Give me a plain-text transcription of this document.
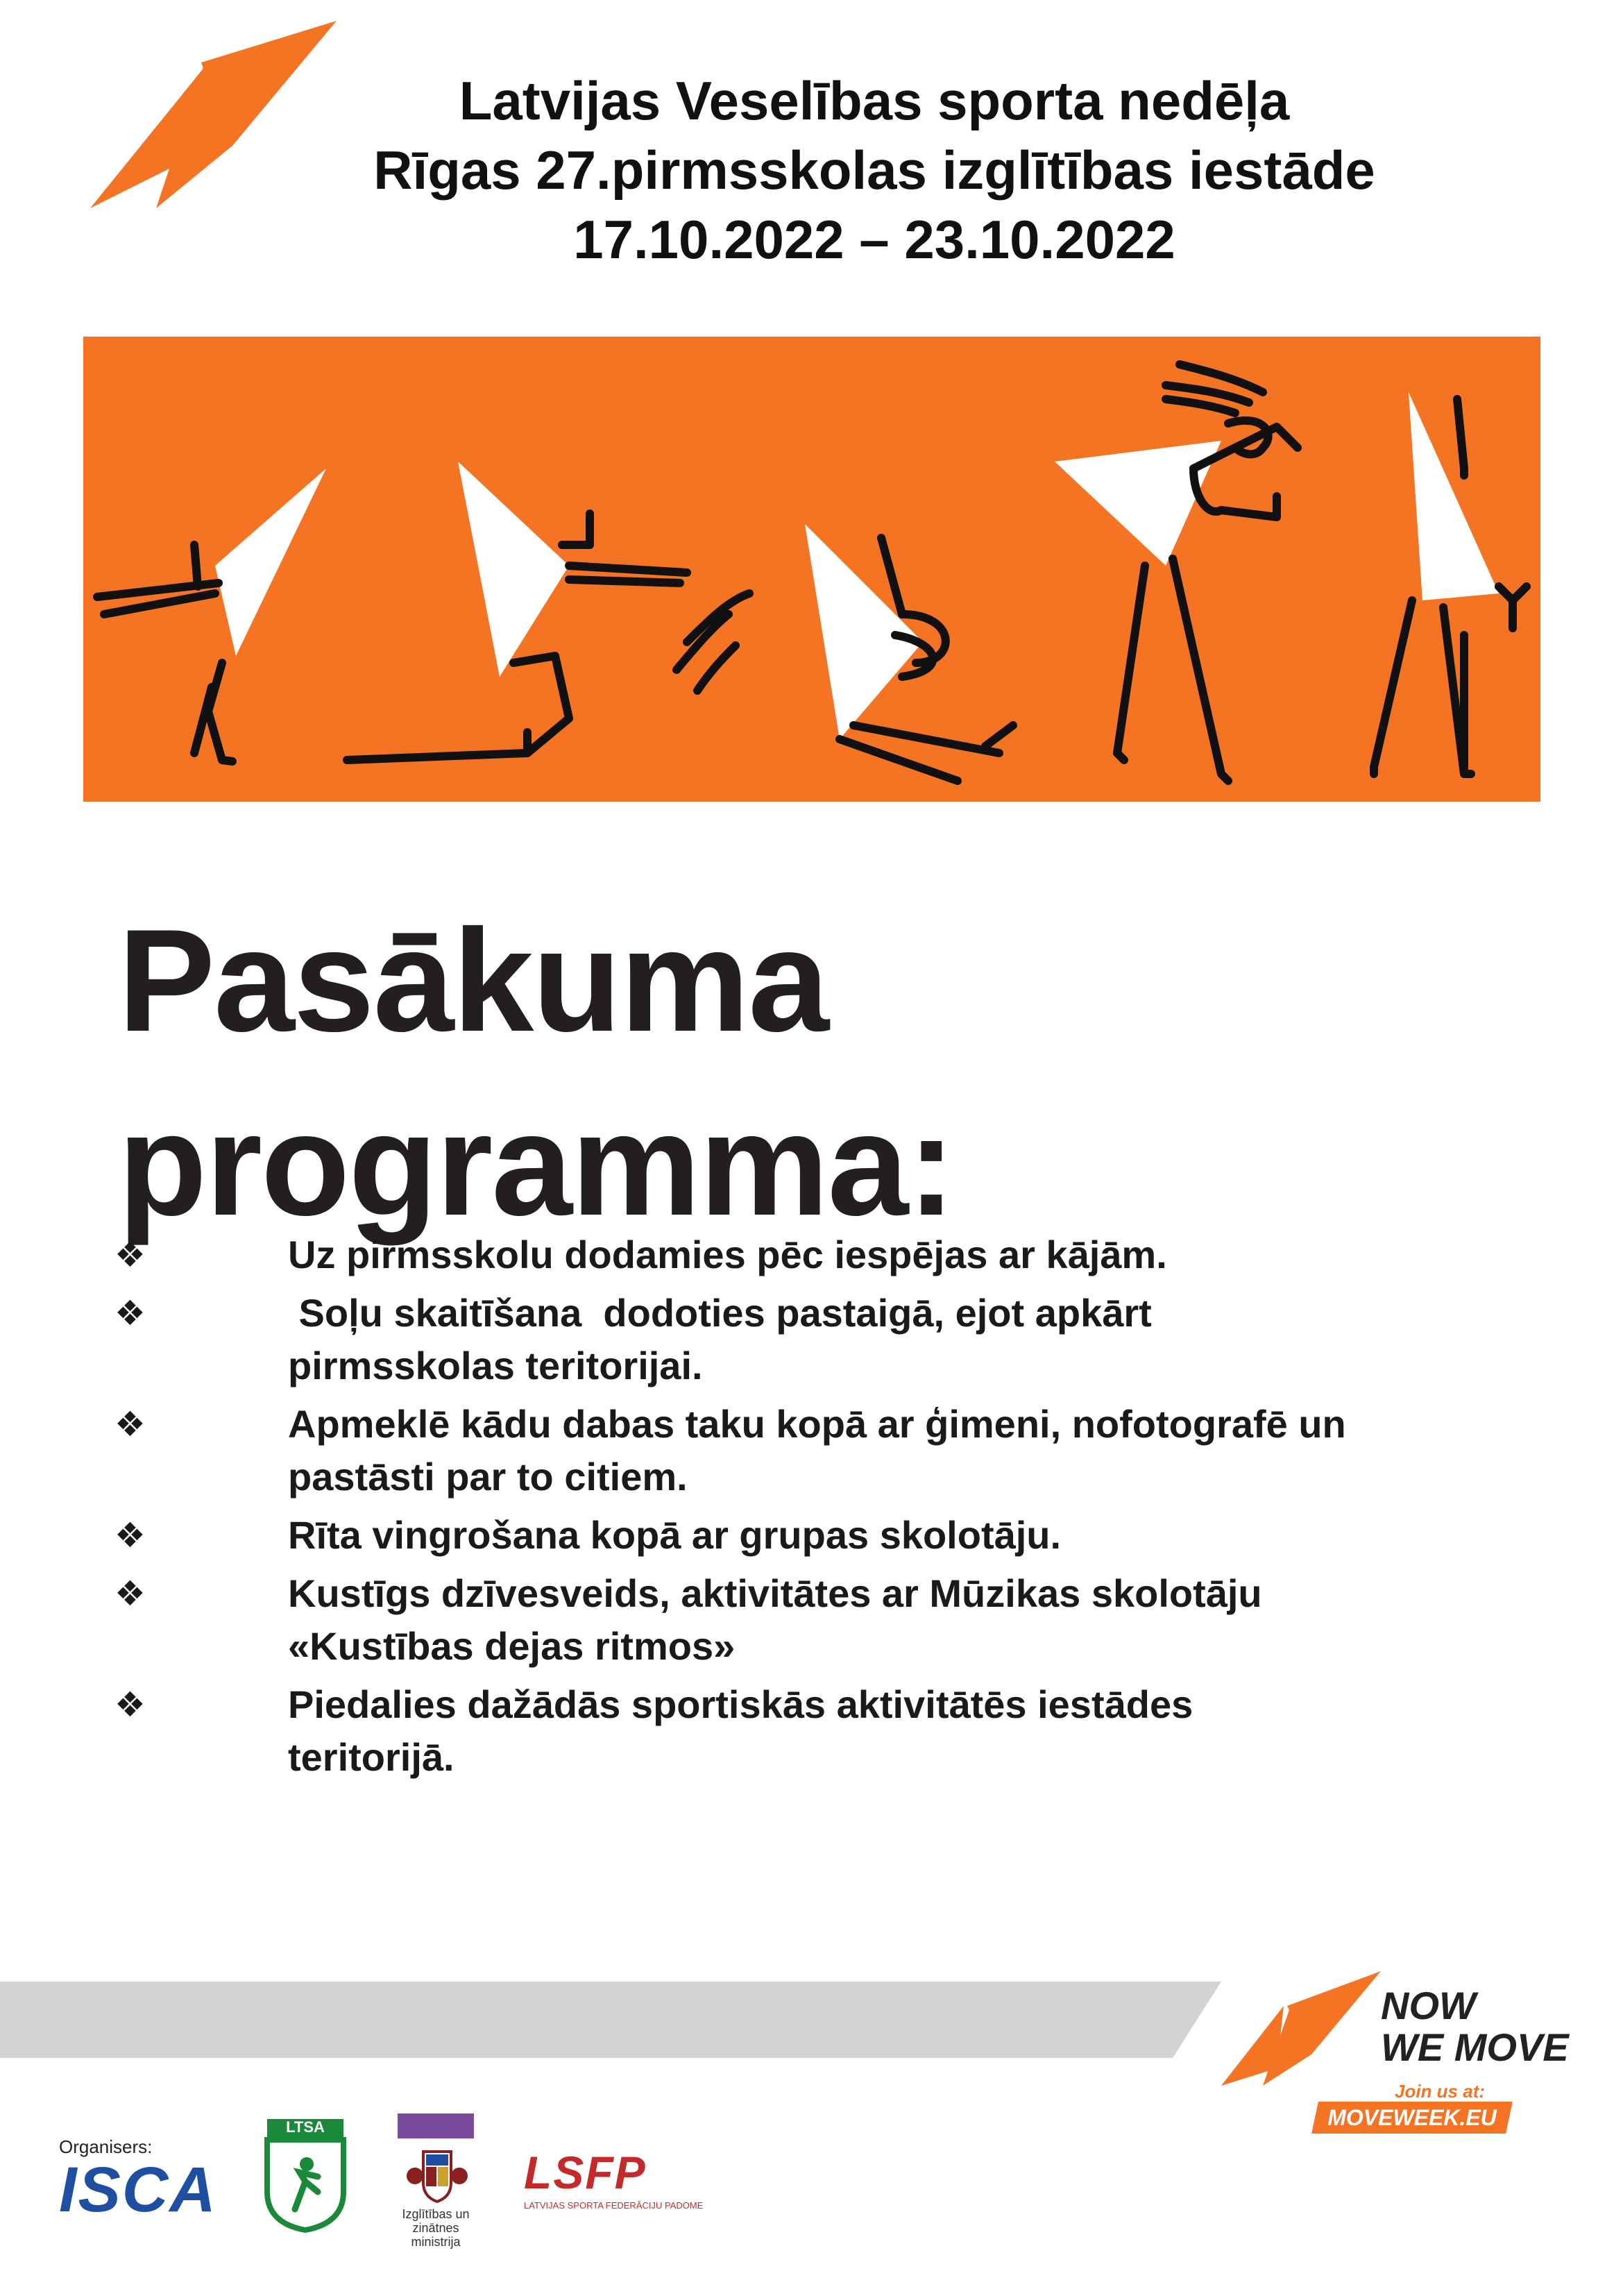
Latvijas Veselības sporta nedēļa
Rīgas 27.pirmsskolas izglītības iestāde
17.10.2022 – 23.10.2022
Pasākuma
programma:
❖	Uz pirmsskolu dodamies pēc iespējas ar kājām.
❖	Soļu skaitīšana  dodoties pastaigā, ejot apkārt
pirmsskolas teritorijai.
❖	Apmeklē kādu dabas taku kopā ar ģimeni, nofotografē un
pastāsti par to citiem.
❖	Rīta vingrošana kopā ar grupas skolotāju.
❖	Kustīgs dzīvesveids, aktivitātes ar Mūzikas skolotāju
«Kustības dejas ritmos»
❖	Piedalies dažādās sportiskās aktivitātēs iestādes
teritorijā.
NOW
WE MOVE
Join us at:
MOVEWEEK.EU
Organisers:
ISCA
LTSA
Izglītības un zinātnes
ministrija
LSFP
LATVIJAS SPORTA FEDERĀCIJU PADOME
